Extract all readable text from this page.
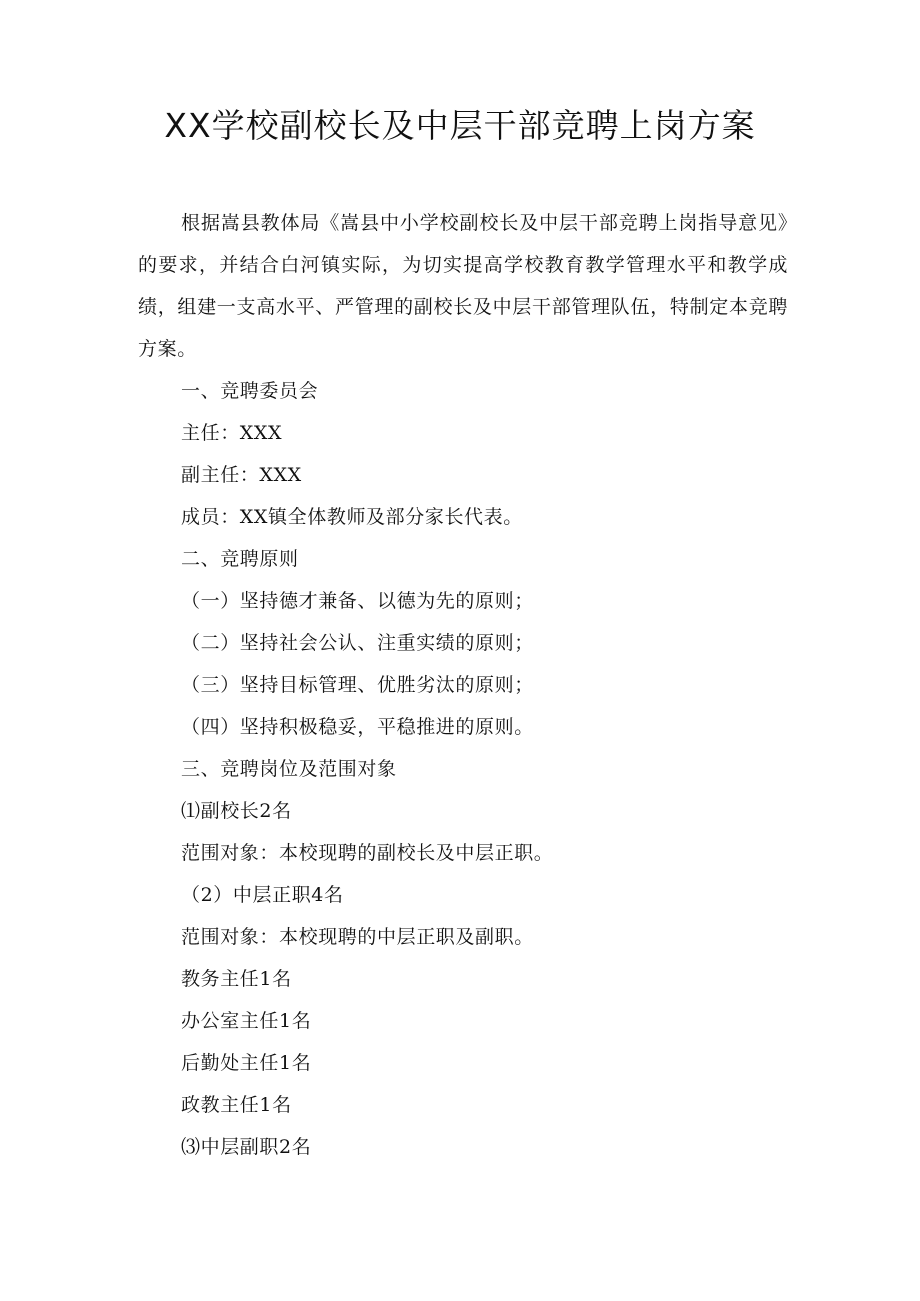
XX学校副校长及中层干部竞聘上岗方案

根据嵩县教体局《嵩县中小学校副校长及中层干部竞聘上岗指导意见》的要求，并结合白河镇实际，为切实提高学校教育教学管理水平和教学成绩，组建一支高水平、严管理的副校长及中层干部管理队伍，特制定本竞聘方案。

一、竞聘委员会

主任：XXX

副主任：XXX

成员：XX镇全体教师及部分家长代表。

二、竞聘原则

（一）坚持德才兼备、以德为先的原则；

（二）坚持社会公认、注重实绩的原则；

（三）坚持目标管理、优胜劣汰的原则；

（四）坚持积极稳妥，平稳推进的原则。

三、竞聘岗位及范围对象

⑴副校长2名

范围对象：本校现聘的副校长及中层正职。

（2）中层正职4名

范围对象：本校现聘的中层正职及副职。

教务主任1名

办公室主任1名

后勤处主任1名

政教主任1名

⑶中层副职2名
